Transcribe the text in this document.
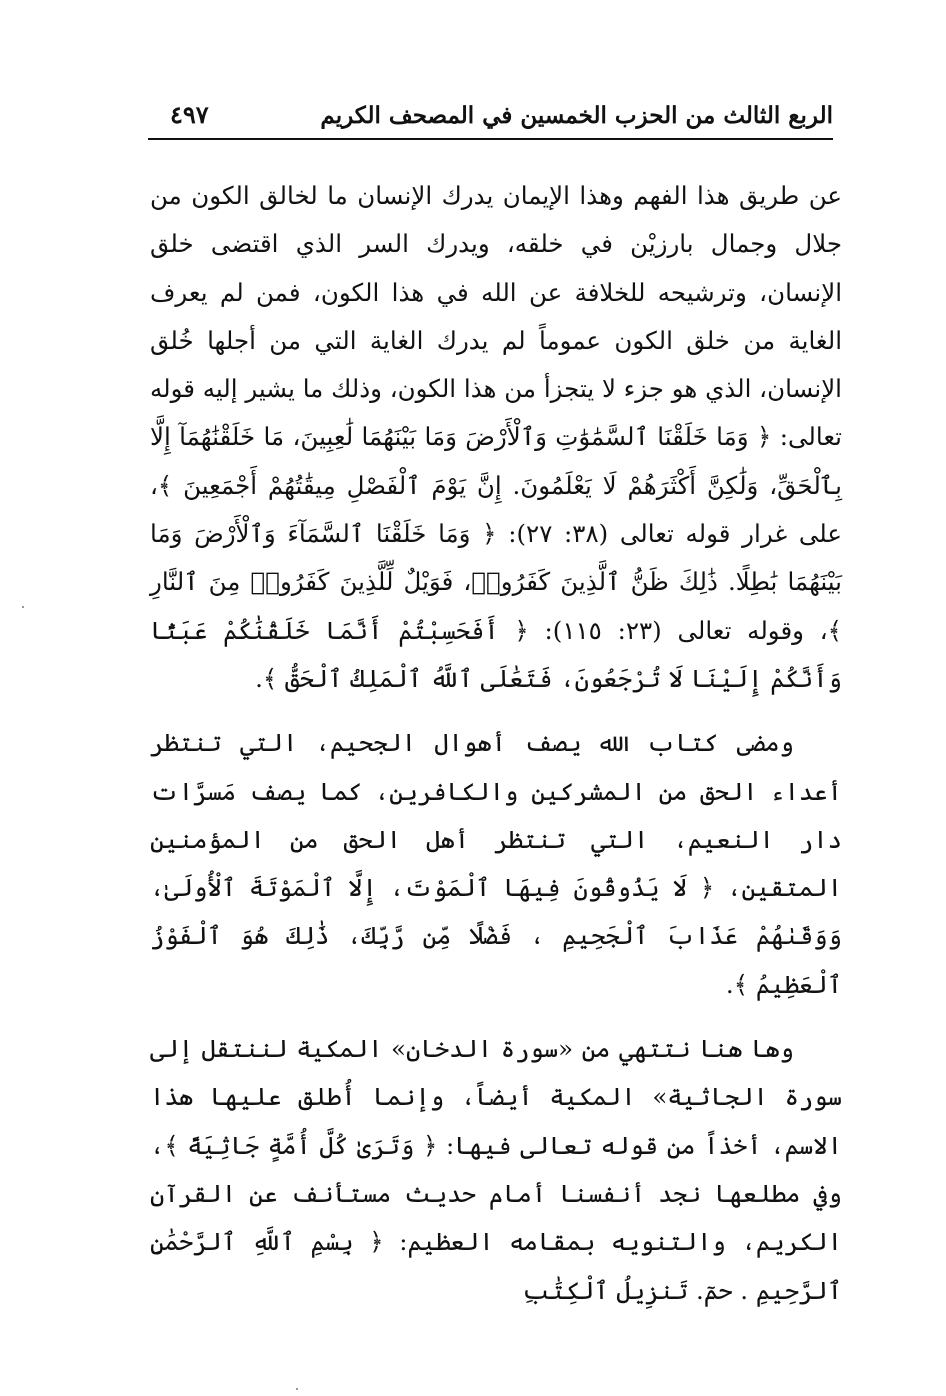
الربع الثالث من الحزب الخمسين في المصحف الكريم
٤٩٧

عن طريق هذا الفهم وهذا الإيمان يدرك الإنسان ما لخالق الكون من جلال وجمال بارزيْن في خلقه، ويدرك السر الذي اقتضى خلق الإنسان، وترشيحه للخلافة عن الله في هذا الكون، فمن لم يعرف الغاية من خلق الكون عموماً لم يدرك الغاية التي من أجلها خُلق الإنسان، الذي هو جزء لا يتجزأ من هذا الكون، وذلك ما يشير إليه قوله تعالى: ﴿ وَمَا خَلَقْنَا ٱلسَّمَٰوَٰتِ وَٱلْأَرْضَ وَمَا بَيْنَهُمَا لَٰعِبِينَ، مَا خَلَقْنَٰهُمَآ إِلَّا بِٱلْحَقِّ، وَلَٰكِنَّ أَكْثَرَهُمْ لَا يَعْلَمُونَ. إِنَّ يَوْمَ ٱلْفَصْلِ مِيقَٰتُهُمْ أَجْمَعِينَ ﴾، على غرار قوله تعالى (٣٨: ٢٧): ﴿ وَمَا خَلَقْنَا ٱلسَّمَآءَ وَٱلْأَرْضَ وَمَا بَيْنَهُمَا بَٰطِلًا. ذَٰلِكَ ظَنُّ ٱلَّذِينَ كَفَرُوا۟، فَوَيْلٌ لِّلَّذِينَ كَفَرُوا۟ مِنَ ٱلنَّارِ ﴾، وقوله تعالى (٢٣: ١١٥): ﴿ أَفَحَسِبْتُمْ أَنَّمَا خَلَقْنَٰكُمْ عَبَثًا وَأَنَّكُمْ إِلَيْنَا لَا تُرْجَعُونَ، فَتَعَٰلَى ٱللَّهُ ٱلْمَلِكُ ٱلْحَقُّ ﴾.

ومضى كتاب الله يصف أهوال الجحيم، التي تنتظر أعداء الحق من المشركين والكافرين، كما يصف مَسرَّات دار النعيم، التي تنتظر أهل الحق من المؤمنين المتقين، ﴿ لَا يَذُوقُونَ فِيهَا ٱلْمَوْتَ، إِلَّا ٱلْمَوْتَةَ ٱلْأُولَىٰ، وَوَقَىٰهُمْ عَذَابَ ٱلْجَحِيمِ ، فَضْلًا مِّن رَّبِّكَ، ذَٰلِكَ هُوَ ٱلْفَوْزُ ٱلْعَظِيمُ ﴾.

وها هنا نتتهي من «سورة الدخان» المكية لننتقل إلى سورة الجاثية» المكية أيضاً، وإنما أُطلق عليها هذا الاسم، أخذاً من قوله تعالى فيها: ﴿ وَتَرَىٰ كُلَّ أُمَّةٍ جَاثِيَةً ﴾، وفي مطلعها نجد أنفسنا أمام حديث مستأنف عن القرآن الكريم، والتنويه بمقامه العظيم: ﴿ بِسْمِ ٱللَّهِ ٱلرَّحْمَٰنِ ٱلرَّحِيمِ . حمٓ. تَنزِيلُ ٱلْكِتَٰبِ
